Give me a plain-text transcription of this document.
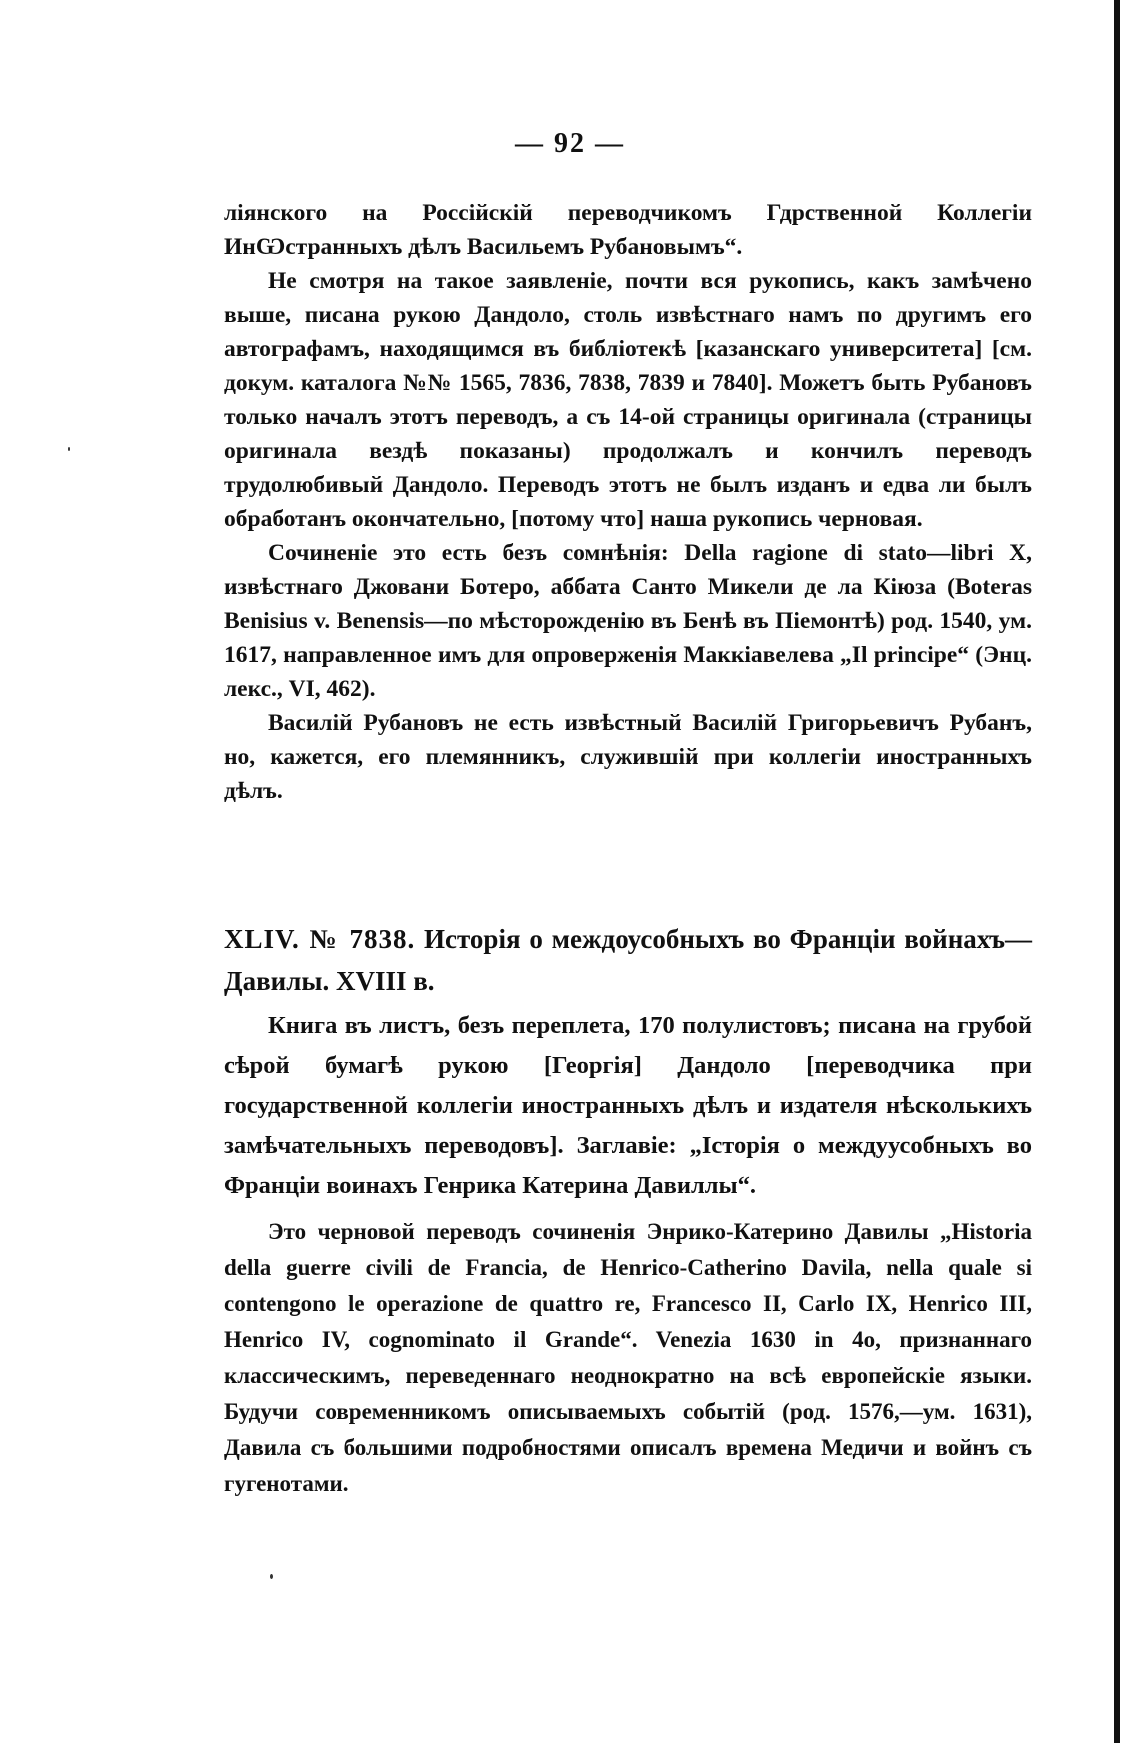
— 92 —

ліянского на Россійскій переводчикомъ Гдрственной Коллегіи ИнѠстранныхъ дѣлъ Васильемъ Рубановымъ“.

Не смотря на такое заявленіе, почти вся рукопись, какъ замѣчено выше, писана рукою Дандоло, столь извѣстнаго намъ по другимъ его автографамъ, находящимся въ библіотекѣ [казанскаго университета] [см. докум. каталога №№ 1565, 7836, 7838, 7839 и 7840]. Можетъ быть Рубановъ только началъ этотъ переводъ, а съ 14-ой страницы оригинала (страницы оригинала вездѣ показаны) продолжалъ и кончилъ переводъ трудолюбивый Дандоло. Переводъ этотъ не былъ изданъ и едва ли былъ обработанъ окончательно, [потому что] наша рукопись черновая.

Сочиненіе это есть безъ сомнѣнія: Della ragione di stato—libri X, извѣстнаго Джовани Ботеро, аббата Санто Микели де ла Кіюза (Boteras Benisius v. Benensis—по мѣсторожденію въ Бенѣ въ Піемонтѣ) род. 1540, ум. 1617, направленное имъ для опроверженія Маккіавелева „Il principe“ (Энц. лекс., VI, 462).

Василій Рубановъ не есть извѣстный Василій Григорьевичъ Рубанъ, но, кажется, его племянникъ, служившій при коллегіи иностранныхъ дѣлъ.

XLIV. № 7838. Исторія о междоусобныхъ во Франціи войнахъ—Давилы. XVIII в.

Книга въ листъ, безъ переплета, 170 полулистовъ; писана на грубой сѣрой бумагѣ рукою [Георгія] Дандоло [переводчика при государственной коллегіи иностранныхъ дѣлъ и издателя нѣсколькихъ замѣчательныхъ переводовъ]. Заглавіе: „Історія о междуусобныхъ во Франціи воинахъ Генрика Катерина Давиллы“.

Это черновой переводъ сочиненія Энрико-Катерино Давилы „Historia della guerre civili de Francia, de Henrico-Catherino Davila, nella quale si contengono le operazione de quattro re, Francesco II, Carlo IX, Henrico III, Henrico IV, cognominato il Grande“. Venezia 1630 in 4о, признаннаго классическимъ, переведеннаго неоднократно на всѣ европейскіе языки. Будучи современникомъ описываемыхъ событій (род. 1576,—ум. 1631), Давила съ большими подробностями описалъ времена Медичи и войнъ съ гугенотами.
